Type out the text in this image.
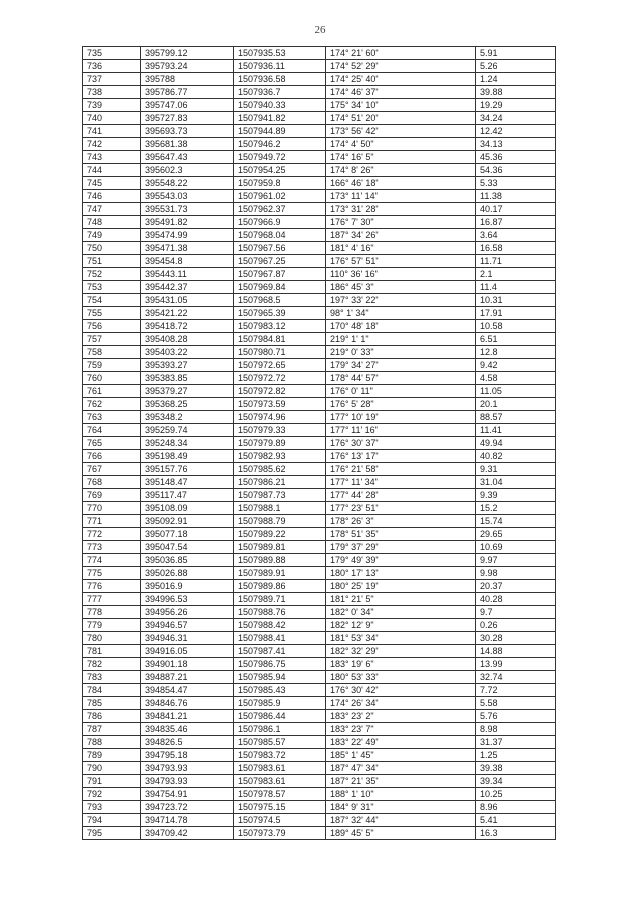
26
735	395799.12	1507935.53	174° 21' 60"	5.91
736	395793.24	1507936.11	174° 52' 29"	5.26
737	395788	1507936.58	174° 25' 40"	1.24
738	395786.77	1507936.7	174° 46' 37"	39.88
739	395747.06	1507940.33	175° 34' 10"	19.29
740	395727.83	1507941.82	174° 51' 20"	34.24
741	395693.73	1507944.89	173° 56' 42"	12.42
742	395681.38	1507946.2	174° 4' 50"	34.13
743	395647.43	1507949.72	174° 16' 5"	45.36
744	395602.3	1507954.25	174° 8' 26"	54.36
745	395548.22	1507959.8	166° 46' 18"	5.33
746	395543.03	1507961.02	173° 11' 14"	11.38
747	395531.73	1507962.37	173° 31' 28"	40.17
748	395491.82	1507966.9	176° 7' 30"	16.87
749	395474.99	1507968.04	187° 34' 26"	3.64
750	395471.38	1507967.56	181° 4' 16"	16.58
751	395454.8	1507967.25	176° 57' 51"	11.71
752	395443.11	1507967.87	110° 36' 16"	2.1
753	395442.37	1507969.84	186° 45' 3"	11.4
754	395431.05	1507968.5	197° 33' 22"	10.31
755	395421.22	1507965.39	98° 1' 34"	17.91
756	395418.72	1507983.12	170° 48' 18"	10.58
757	395408.28	1507984.81	219° 1' 1"	6.51
758	395403.22	1507980.71	219° 0' 33"	12.8
759	395393.27	1507972.65	179° 34' 27"	9.42
760	395383.85	1507972.72	178° 44' 57"	4.58
761	395379.27	1507972.82	176° 0' 11"	11.05
762	395368.25	1507973.59	176° 5' 28"	20.1
763	395348.2	1507974.96	177° 10' 19"	88.57
764	395259.74	1507979.33	177° 11' 16"	11.41
765	395248.34	1507979.89	176° 30' 37"	49.94
766	395198.49	1507982.93	176° 13' 17"	40.82
767	395157.76	1507985.62	176° 21' 58"	9.31
768	395148.47	1507986.21	177° 11' 34"	31.04
769	395117.47	1507987.73	177° 44' 28"	9.39
770	395108.09	1507988.1	177° 23' 51"	15.2
771	395092.91	1507988.79	178° 26' 3"	15.74
772	395077.18	1507989.22	178° 51' 35"	29.65
773	395047.54	1507989.81	179° 37' 29"	10.69
774	395036.85	1507989.88	179° 49' 39"	9.97
775	395026.88	1507989.91	180° 17' 13"	9.98
776	395016.9	1507989.86	180° 25' 19"	20.37
777	394996.53	1507989.71	181° 21' 5"	40.28
778	394956.26	1507988.76	182° 0' 34"	9.7
779	394946.57	1507988.42	182° 12' 9"	0.26
780	394946.31	1507988.41	181° 53' 34"	30.28
781	394916.05	1507987.41	182° 32' 29"	14.88
782	394901.18	1507986.75	183° 19' 6"	13.99
783	394887.21	1507985.94	180° 53' 33"	32.74
784	394854.47	1507985.43	176° 30' 42"	7.72
785	394846.76	1507985.9	174° 26' 34"	5.58
786	394841.21	1507986.44	183° 23' 2"	5.76
787	394835.46	1507986.1	183° 23' 7"	8.98
788	394826.5	1507985.57	183° 22' 49"	31.37
789	394795.18	1507983.72	185° 1' 45"	1.25
790	394793.93	1507983.61	187° 47' 34"	39.38
791	394793.93	1507983.61	187° 21' 35"	39.34
792	394754.91	1507978.57	188° 1' 10"	10.25
793	394723.72	1507975.15	184° 9' 31"	8.96
794	394714.78	1507974.5	187° 32' 44"	5.41
795	394709.42	1507973.79	189° 45' 5"	16.3
